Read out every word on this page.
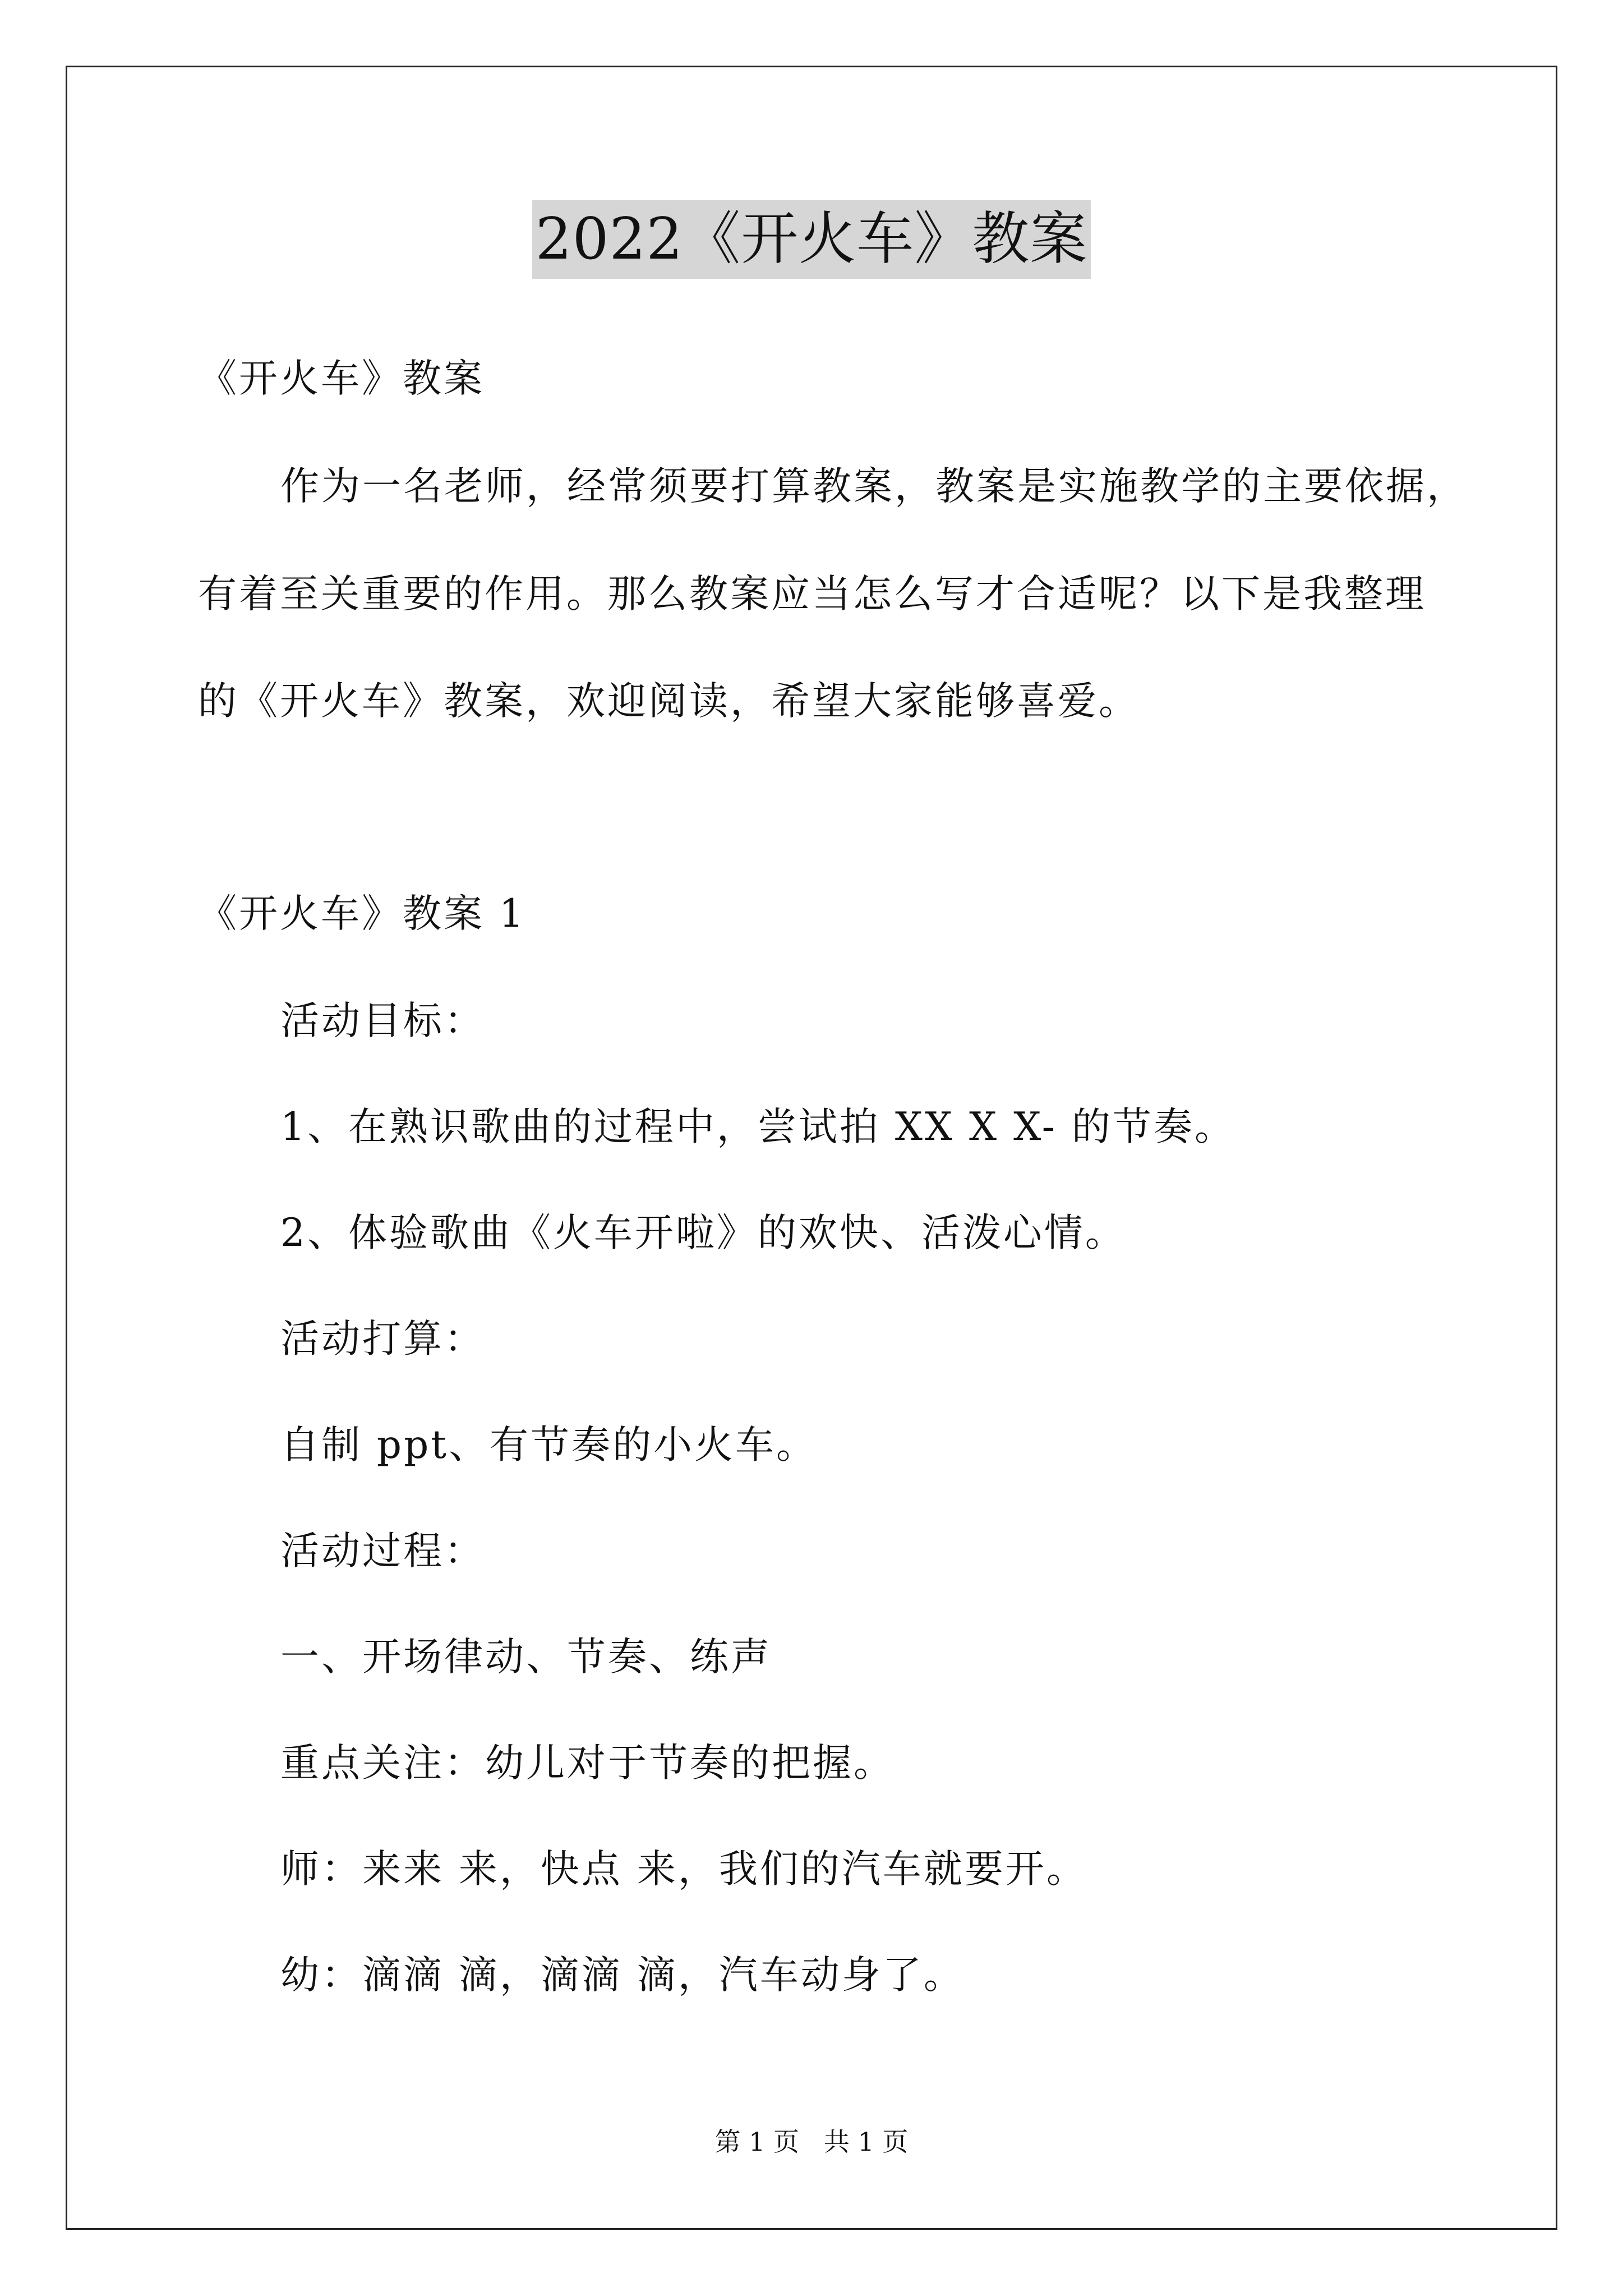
2022《开火车》教案
《开火车》教案
作为一名老师，经常须要打算教案，教案是实施教学的主要依据，
有着至关重要的作用。那么教案应当怎么写才合适呢？以下是我整理
的《开火车》教案，欢迎阅读，希望大家能够喜爱。
《开火车》教案 1
活动目标：
1、在熟识歌曲的过程中，尝试拍 XX X X- 的节奏。
2、体验歌曲《火车开啦》的欢快、活泼心情。
活动打算：
自制 ppt、有节奏的小火车。
活动过程：
一、开场律动、节奏、练声
重点关注：幼儿对于节奏的把握。
师：来来 来，快点 来，我们的汽车就要开。
幼：滴滴 滴，滴滴 滴，汽车动身了。
第 1 页   共 1 页
